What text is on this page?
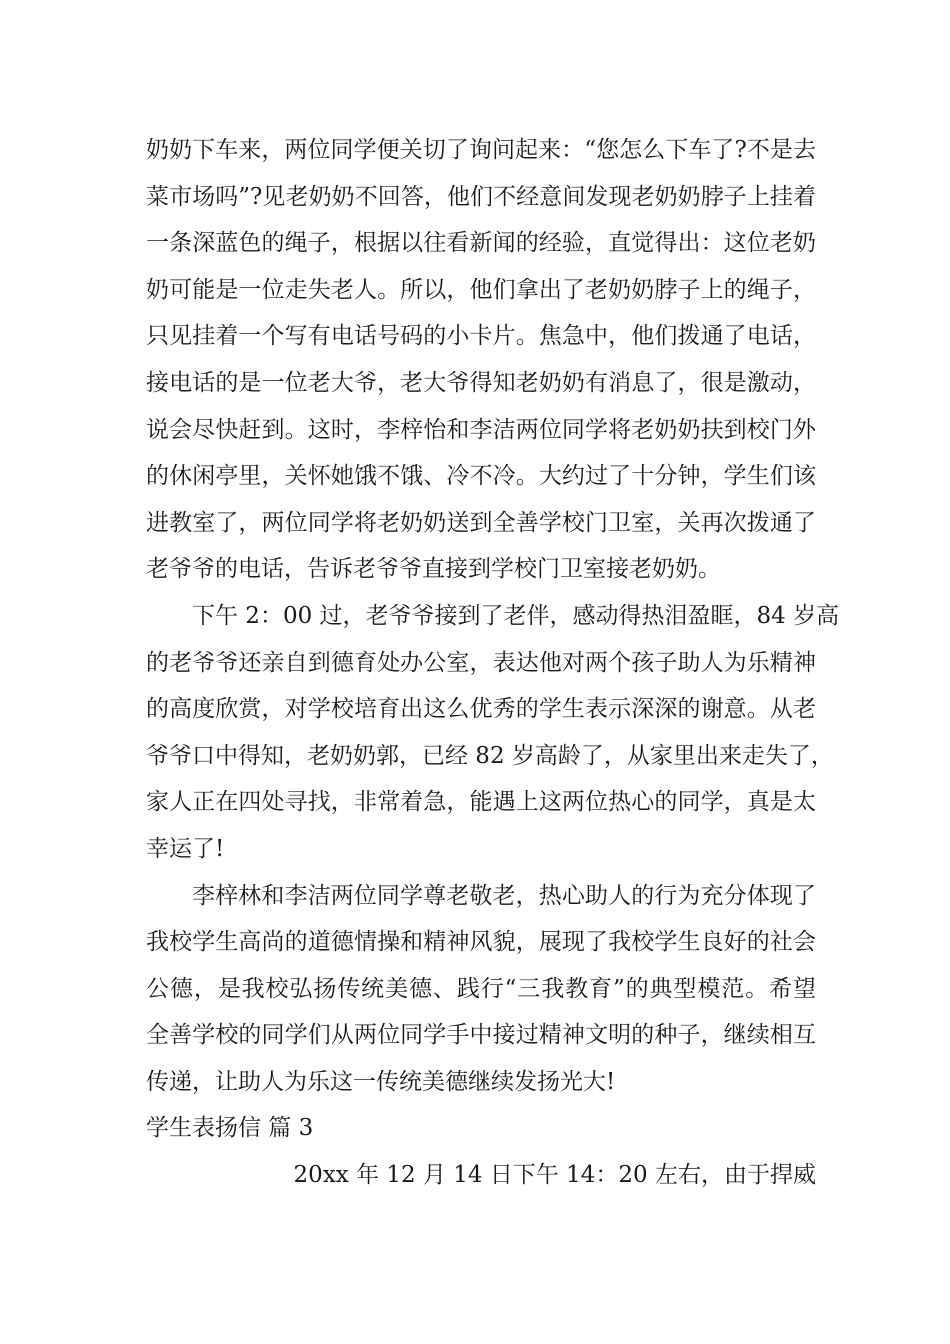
奶奶下车来，两位同学便关切了询问起来：“您怎么下车了?不是去
菜市场吗”?见老奶奶不回答，他们不经意间发现老奶奶脖子上挂着
一条深蓝色的绳子，根据以往看新闻的经验，直觉得出：这位老奶
奶可能是一位走失老人。所以，他们拿出了老奶奶脖子上的绳子，
只见挂着一个写有电话号码的小卡片。焦急中，他们拨通了电话，
接电话的是一位老大爷，老大爷得知老奶奶有消息了，很是激动，
说会尽快赶到。这时，李梓怡和李洁两位同学将老奶奶扶到校门外
的休闲亭里，关怀她饿不饿、冷不冷。大约过了十分钟，学生们该
进教室了，两位同学将老奶奶送到全善学校门卫室，关再次拨通了
老爷爷的电话，告诉老爷爷直接到学校门卫室接老奶奶。
下午 2：00 过，老爷爷接到了老伴，感动得热泪盈眶，84 岁高
的老爷爷还亲自到德育处办公室，表达他对两个孩子助人为乐精神
的高度欣赏，对学校培育出这么优秀的学生表示深深的谢意。从老
爷爷口中得知，老奶奶郭，已经 82 岁高龄了，从家里出来走失了，
家人正在四处寻找，非常着急，能遇上这两位热心的同学，真是太
幸运了!
李梓林和李洁两位同学尊老敬老，热心助人的行为充分体现了
我校学生高尚的道德情操和精神风貌，展现了我校学生良好的社会
公德，是我校弘扬传统美德、践行“三我教育”的典型模范。希望
全善学校的同学们从两位同学手中接过精神文明的种子，继续相互
传递，让助人为乐这一传统美德继续发扬光大!
学生表扬信 篇 3
20xx 年 12 月 14 日下午 14：20 左右，由于捍威
